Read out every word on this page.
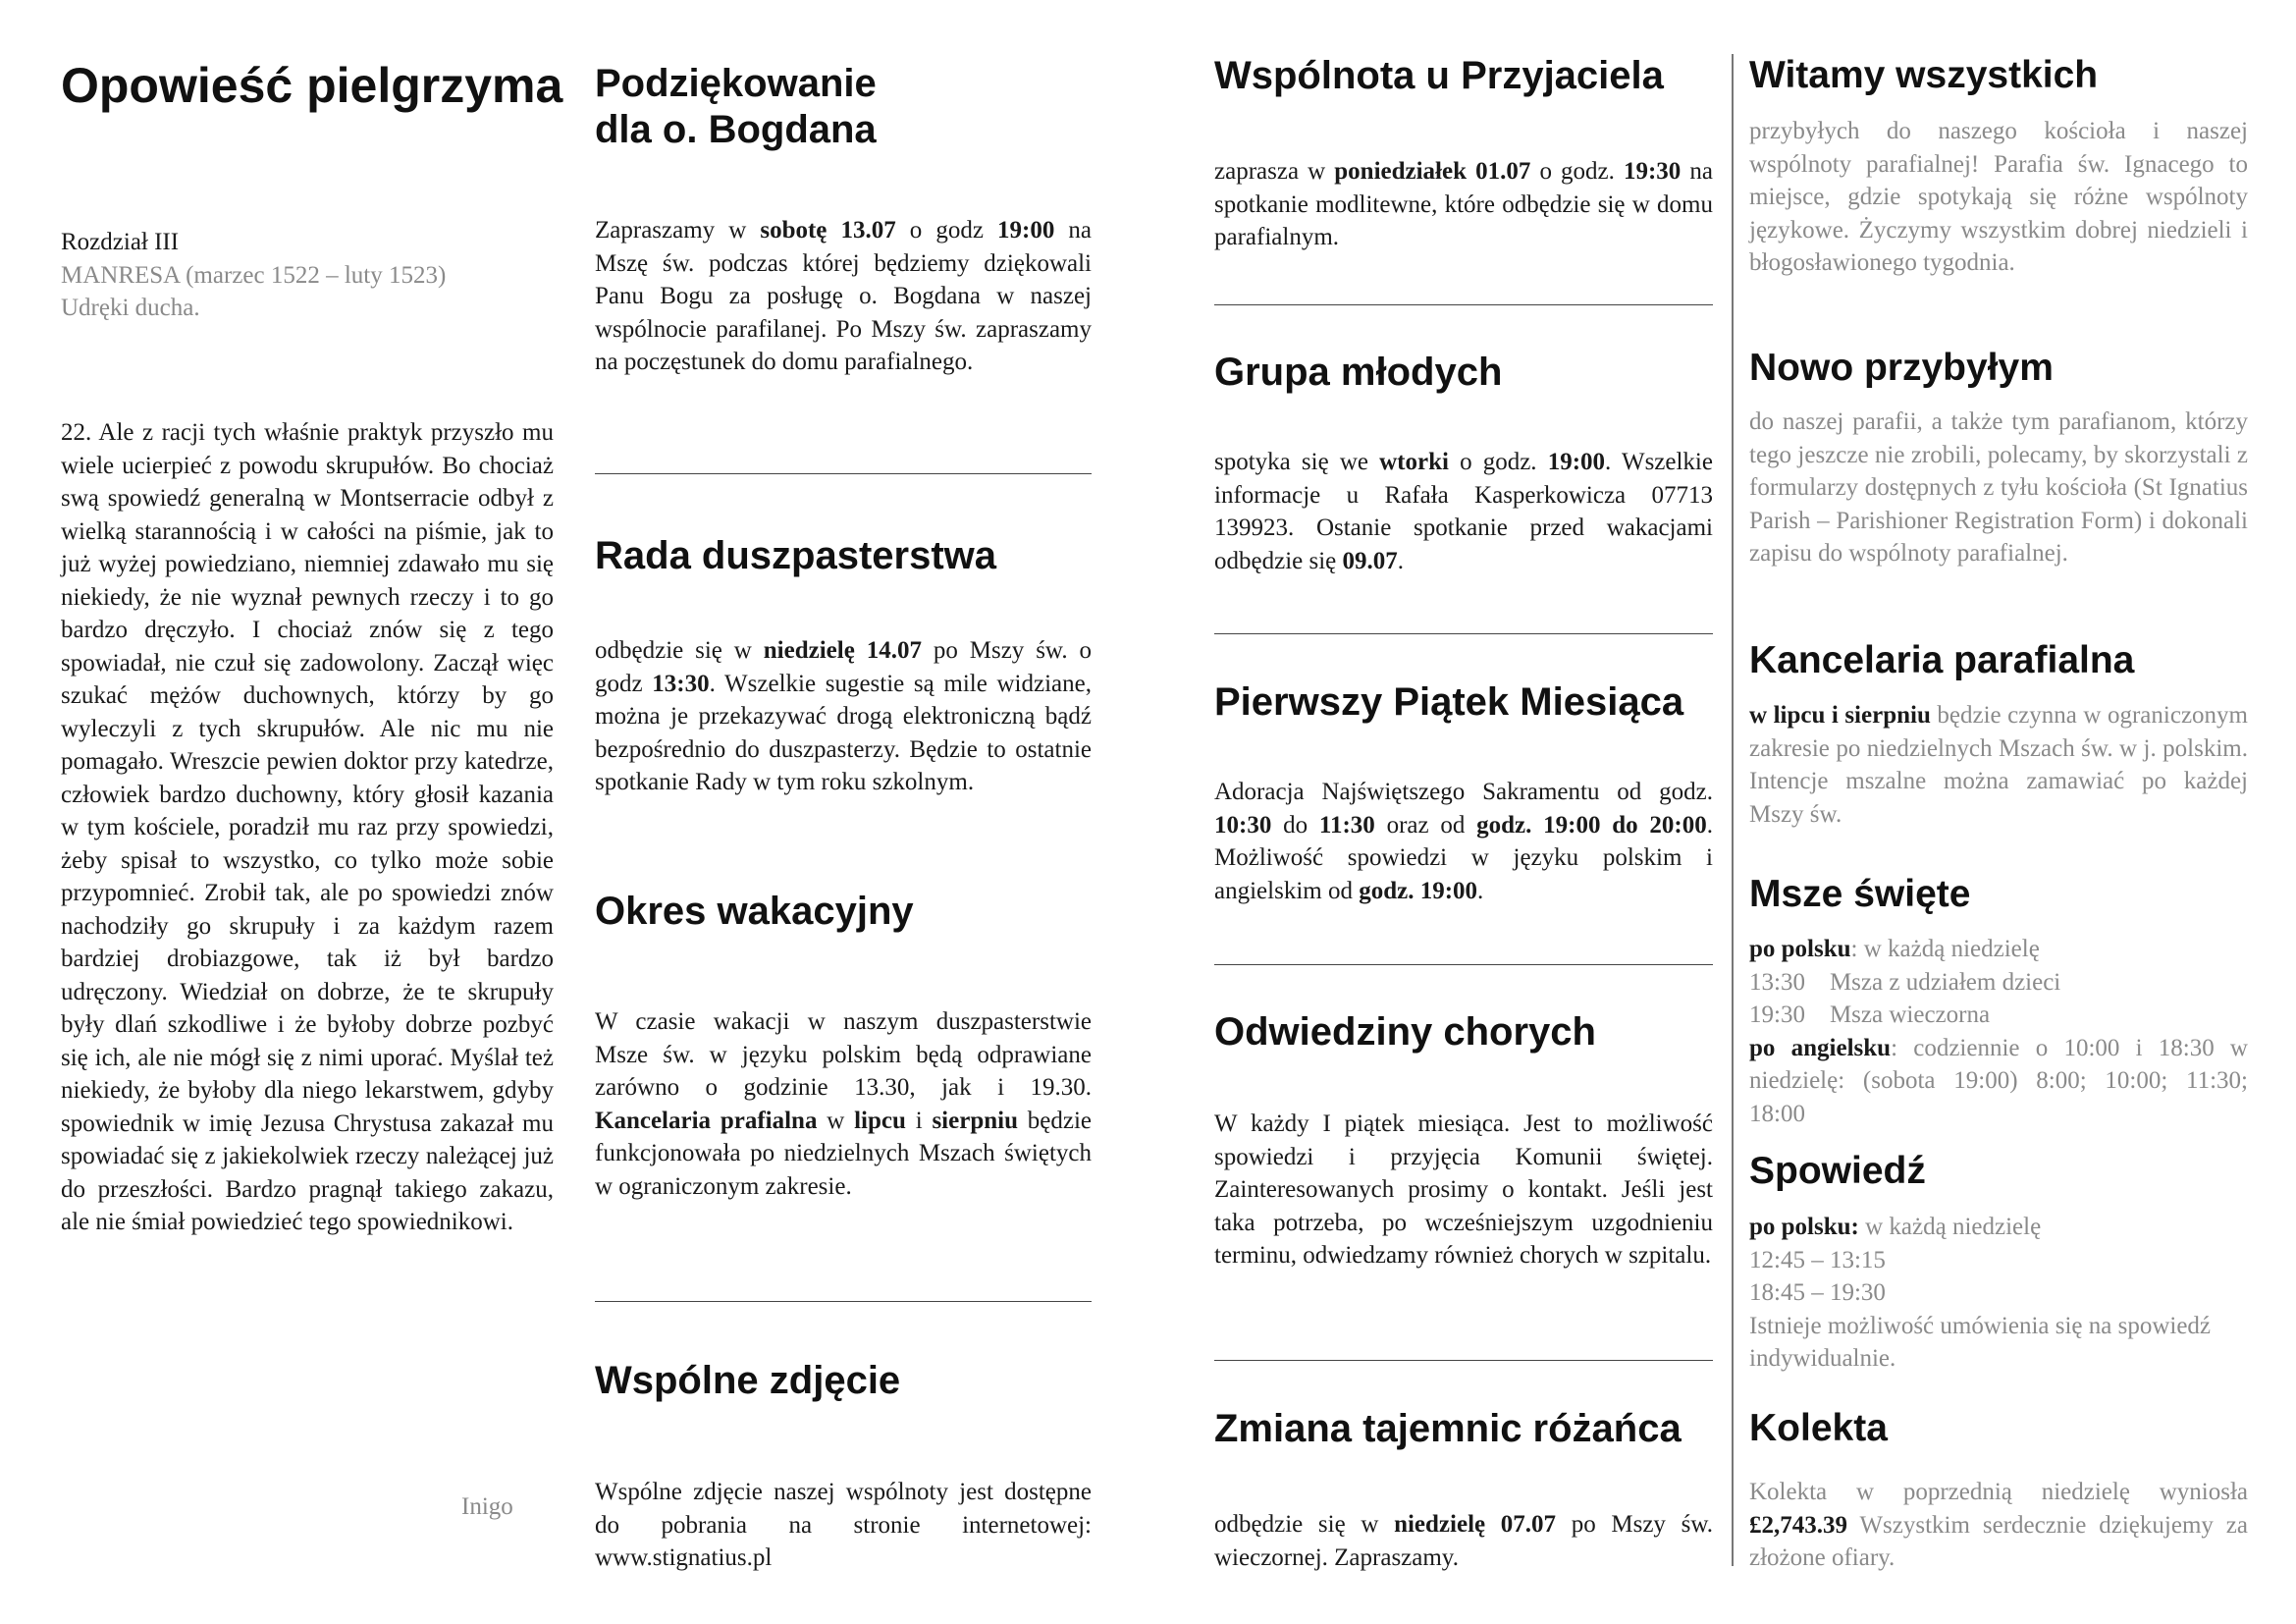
Opowieść pielgrzyma

Rozdział III

MANRESA (marzec 1522 – luty 1523)

Udręki ducha.

22. Ale z racji tych właśnie praktyk przyszło mu wiele ucierpieć z powodu skrupułów. Bo chociaż swą spowiedź generalną w Montserracie odbył z wielką starannością i w całości na piśmie, jak to już wyżej powiedziano, niemniej zdawało mu się niekiedy, że nie wyznał pewnych rzeczy i to go bardzo dręczyło. I chociaż znów się z tego spowiadał, nie czuł się zadowolony. Zaczął więc szukać mężów duchownych, którzy by go wyleczyli z tych skrupułów. Ale nic mu nie pomagało. Wreszcie pewien doktor przy katedrze, człowiek bardzo duchowny, który głosił kazania w tym kościele, poradził mu raz przy spowiedzi, żeby spisał to wszystko, co tylko może sobie przypomnieć. Zrobił tak, ale po spowiedzi znów nachodziły go skrupuły i za każdym razem bardziej drobiazgowe, tak iż był bardzo udręczony. Wiedział on dobrze, że te skrupuły były dlań szkodliwe i że byłoby dobrze pozbyć się ich, ale nie mógł się z nimi uporać. Myślał też niekiedy, że byłoby dla niego lekarstwem, gdyby spowiednik w imię Jezusa Chrystusa zakazał mu spowiadać się z jakiekolwiek rzeczy należącej już do przeszłości. Bardzo pragnął takiego zakazu, ale nie śmiał powiedzieć tego spowiednikowi.

Inigo

Podziękowanie
dla o. Bogdana

Zapraszamy w sobotę 13.07 o godz 19:00 na Mszę św. podczas której będziemy dziękowali Panu Bogu za posługę o. Bogdana w naszej wspólnocie parafilanej. Po Mszy św. zapraszamy na poczęstunek do domu parafialnego.

Rada duszpasterstwa

odbędzie się w niedzielę 14.07 po Mszy św. o godz 13:30. Wszelkie sugestie są mile widziane, można je przekazywać drogą elektroniczną bądź bezpośrednio do duszpasterzy. Będzie to ostatnie spotkanie Rady w tym roku szkolnym.

Okres wakacyjny

W czasie wakacji w naszym duszpasterstwie Msze św. w języku polskim będą odprawiane zarówno o godzinie 13.30, jak i 19.30. Kancelaria prafialna w lipcu i sierpniu będzie funkcjonowała po niedzielnych Mszach świętych w ograniczonym zakresie.

Wspólne zdjęcie

Wspólne zdjęcie naszej wspólnoty jest dostępne do pobrania na stronie internetowej: www.stignatius.pl

Wspólnota u Przyjaciela

zaprasza w poniedziałek 01.07 o godz. 19:30 na spotkanie modlitewne, które odbędzie się w domu parafialnym.

Grupa młodych

spotyka się we wtorki o godz. 19:00. Wszelkie informacje u Rafała Kasperkowicza 07713 139923. Ostanie spotkanie przed wakacjami odbędzie się 09.07.

Pierwszy Piątek Miesiąca

Adoracja Najświętszego Sakramentu od godz. 10:30 do 11:30 oraz od godz. 19:00 do 20:00. Możliwość spowiedzi w języku polskim i angielskim od godz. 19:00.

Odwiedziny chorych

W każdy I piątek miesiąca. Jest to możliwość spowiedzi i przyjęcia Komunii świętej. Zainteresowanych prosimy o kontakt. Jeśli jest taka potrzeba, po wcześniejszym uzgodnieniu terminu, odwiedzamy również chorych w szpitalu.

Zmiana tajemnic różańca

odbędzie się w niedzielę 07.07 po Mszy św. wieczornej. Zapraszamy.

Witamy wszystkich

przybyłych do naszego kościoła i naszej wspólnoty parafialnej! Parafia św. Ignacego to miejsce, gdzie spotykają się różne wspólnoty językowe. Życzymy wszystkim dobrej niedzieli i błogosławionego tygodnia.

Nowo przybyłym

do naszej parafii, a także tym parafianom, którzy tego jeszcze nie zrobili, polecamy, by skorzystali z formularzy dostępnych z tyłu kościoła (St Ignatius Parish – Parishioner Registration Form) i dokonali zapisu do wspólnoty parafialnej.

Kancelaria parafialna

w lipcu i sierpniu będzie czynna w ograniczonym zakresie po niedzielnych Mszach św. w j. polskim. Intencje mszalne można zamawiać po każdej Mszy św.

Msze święte

po polsku: w każdą niedzielę

13:30    Msza z udziałem dzieci

19:30    Msza wieczorna

po angielsku: codziennie o 10:00 i 18:30 w niedzielę: (sobota 19:00) 8:00; 10:00; 11:30; 18:00

Spowiedź

po polsku: w każdą niedzielę

12:45 – 13:15

18:45 – 19:30

Istnieje możliwość umówienia się na spowiedź indywidualnie.

Kolekta

Kolekta w poprzednią niedzielę wyniosła £2,743.39 Wszystkim serdecznie dziękujemy za złożone ofiary.
